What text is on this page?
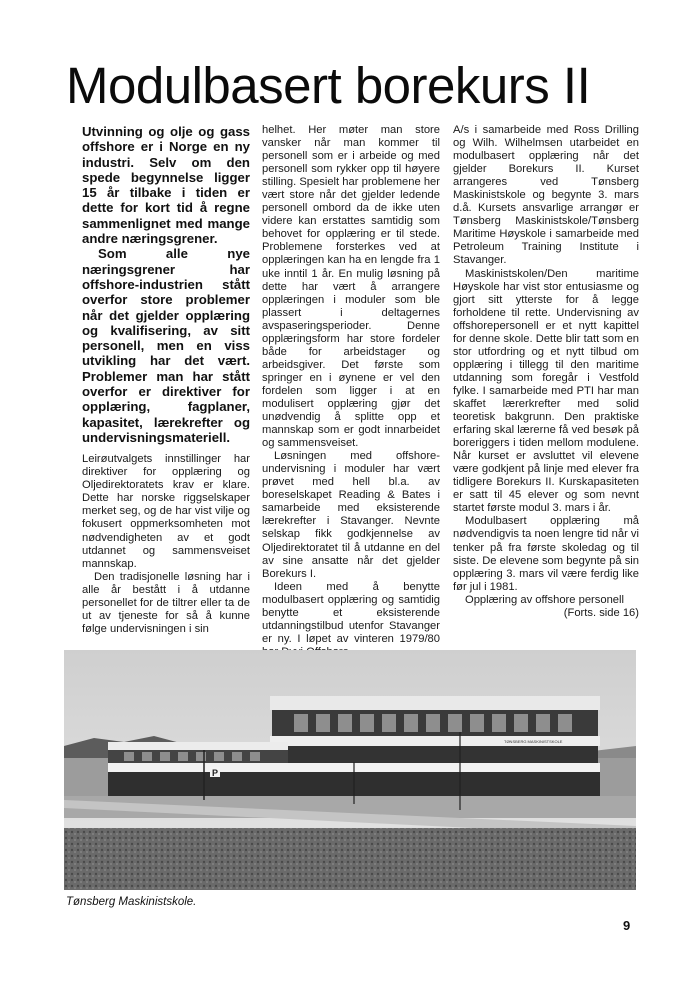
Modulbasert borekurs II

Utvinning og olje og gass offshore er i Norge en ny industri. Selv om den spede begynnelse ligger 15 år tilbake i tiden er dette for kort tid å regne sammenlignet med mange andre næringsgrener.

Som alle nye næringsgrener har offshore-industrien stått overfor store problemer når det gjelder opplæring og kvalifisering, av sitt personell, men en viss utvikling har det vært. Problemer man har stått overfor er direktiver for opplæring, fagplaner, kapasitet, lærekrefter og undervisningsmateriell.

Leirøutvalgets innstillinger har direktiver for opplæring og Oljedirektoratets krav er klare. Dette har norske riggselskaper merket seg, og de har vist vilje og fokusert oppmerksomheten mot nødvendigheten av et godt utdannet og sammensveiset mannskap.

Den tradisjonelle løsning har i alle år bestått i å utdanne personellet for de tiltrer eller ta de ut av tjeneste for så å kunne følge undervisningen i sin

helhet. Her møter man store vansker når man kommer til personell som er i arbeide og med personell som rykker opp til høyere stilling. Spesielt har problemene her vært store når det gjelder ledende personell ombord da de ikke uten videre kan erstattes samtidig som behovet for opplæring er til stede. Problemene forsterkes ved at opplæringen kan ha en lengde fra 1 uke inntil 1 år. En mulig løsning på dette har vært å arrangere opplæringen i moduler som ble plassert i deltagernes avspaseringsperioder. Denne opplæringsform har store fordeler både for arbeidstager og arbeidsgiver. Det første som springer en i øynene er vel den fordelen som ligger i at en modulisert opplæring gjør det unødvendig å splitte opp et mannskap som er godt innarbeidet og sammensveiset.

Løsningen med offshore-undervisning i moduler har vært prøvet med hell bl.a. av boreselskapet Reading & Bates i samarbeide med eksisterende lærekrefter i Stavanger. Nevnte selskap fikk godkjennelse av Oljedirektoratet til å utdanne en del av sine ansatte når det gjelder Borekurs I.

Ideen med å benytte modulbasert opplæring og samtidig benytte et eksisterende utdanningstilbud utenfor Stavanger er ny. I løpet av vinteren 1979/80

A/s i samarbeide med Ross Drilling og Wilh. Wilhelmsen utarbeidet en modulbasert opplæring når det gjelder Borekurs II. Kurset arrangeres ved Tønsberg Maskinistskole og begynte 3. mars d.å. Kursets ansvarlige arrangør er Tønsberg Maskinistskole/Tønsberg Maritime Høyskole i samarbeide med Petroleum Training Institute i Stavanger.

Maskinistskolen/Den maritime Høyskole har vist stor entusiasme og gjort sitt ytterste for å legge forholdene til rette. Undervisning av offshorepersonell er et nytt kapittel for denne skole. Dette blir tatt som en stor utfordring og et nytt tilbud om opplæring i tillegg til den maritime utdanning som foregår i Vestfold fylke. I samarbeide med PTI har man skaffet lærerkrefter med solid teoretisk bakgrunn. Den praktiske erfaring skal lærerne få ved besøk på boreriggers i tiden mellom modulene. Når kurset er avsluttet vil elevene være godkjent på linje med elever fra tidligere Borekurs II. Kurskapasiteten er satt til 45 elever og som nevnt startet første modul 3. mars i år.

Modulbasert opplæring må nødvendigvis ta noen lengre tid når vi tenker på fra første skoledag og til siste. De elevene som begynte på sin opplæring 3. mars vil være ferdig like før jul i 1981.

Opplæring av offshore personell

(Forts. side 16)

TØNSBERG MASKINISTSKOLE
P

Tønsberg Maskinistskole.

9
